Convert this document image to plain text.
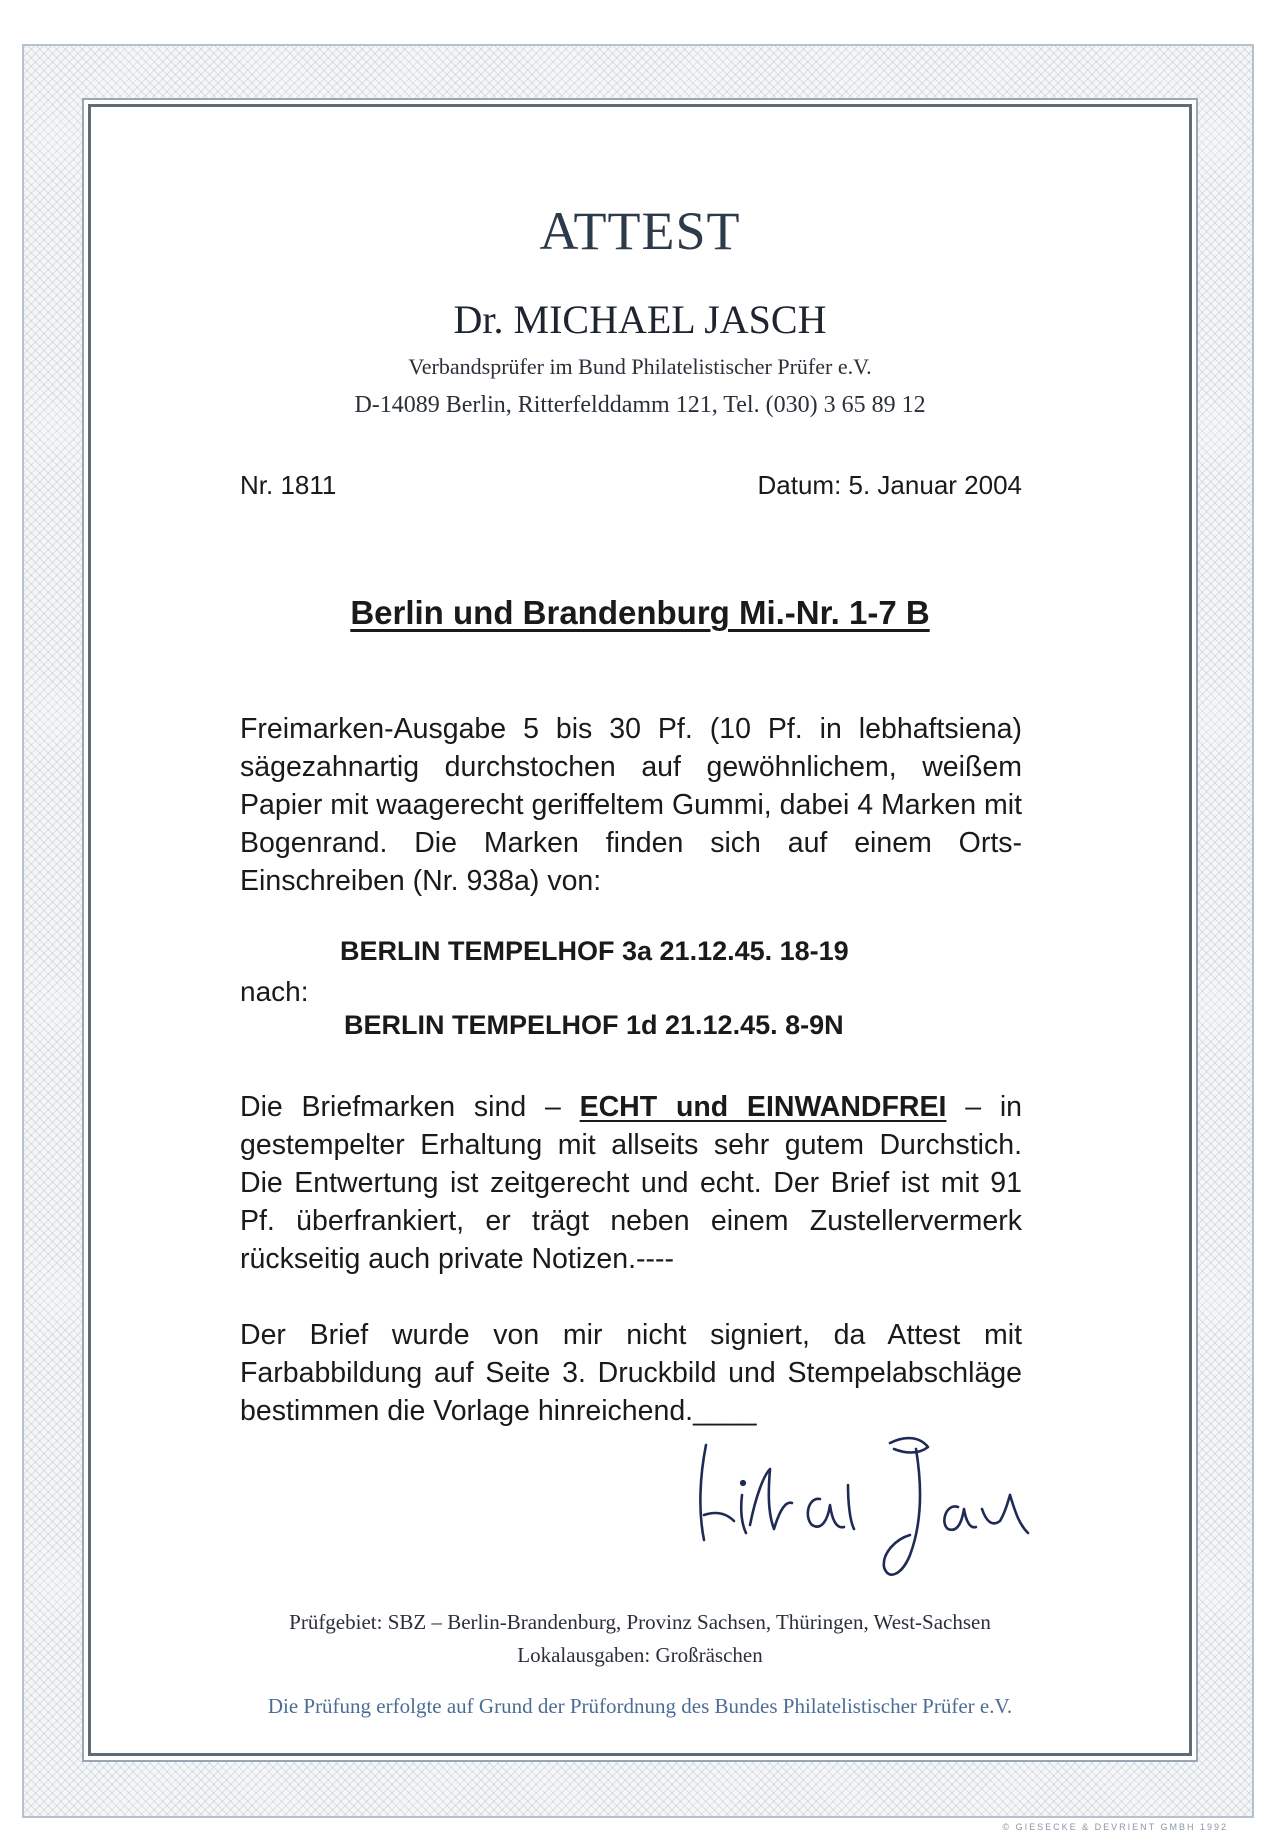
ATTEST
Dr. MICHAEL JASCH
Verbandsprüfer im Bund Philatelistischer Prüfer e.V.
D-14089 Berlin, Ritterfelddamm 121, Tel. (030) 3 65 89 12
Nr. 1811	Datum: 5. Januar 2004
Berlin und Brandenburg Mi.-Nr. 1-7 B
Freimarken-Ausgabe 5 bis 30 Pf. (10 Pf. in lebhaftsiena) sägezahnartig durchstochen auf gewöhnlichem, weißem Papier mit waagerecht geriffeltem Gummi, dabei 4 Marken mit Bogenrand. Die Marken finden sich auf einem Orts-Einschreiben (Nr. 938a) von:
BERLIN TEMPELHOF 3a 21.12.45. 18-19
nach:
BERLIN TEMPELHOF 1d 21.12.45. 8-9N
Die Briefmarken sind – ECHT und EINWANDFREI – in gestempelter Erhaltung mit allseits sehr gutem Durchstich. Die Entwertung ist zeitgerecht und echt. Der Brief ist mit 91 Pf. überfrankiert, er trägt neben einem Zustellervermerk rückseitig auch private Notizen.----
Der Brief wurde von mir nicht signiert, da Attest mit Farbabbildung auf Seite 3. Druckbild und Stempelabschläge bestimmen die Vorlage hinreichend.____
Prüfgebiet: SBZ – Berlin-Brandenburg, Provinz Sachsen, Thüringen, West-Sachsen
Lokalausgaben: Großräschen
Die Prüfung erfolgte auf Grund der Prüfordnung des Bundes Philatelistischer Prüfer e.V.
© GIESECKE & DEVRIENT GMBH 1992
